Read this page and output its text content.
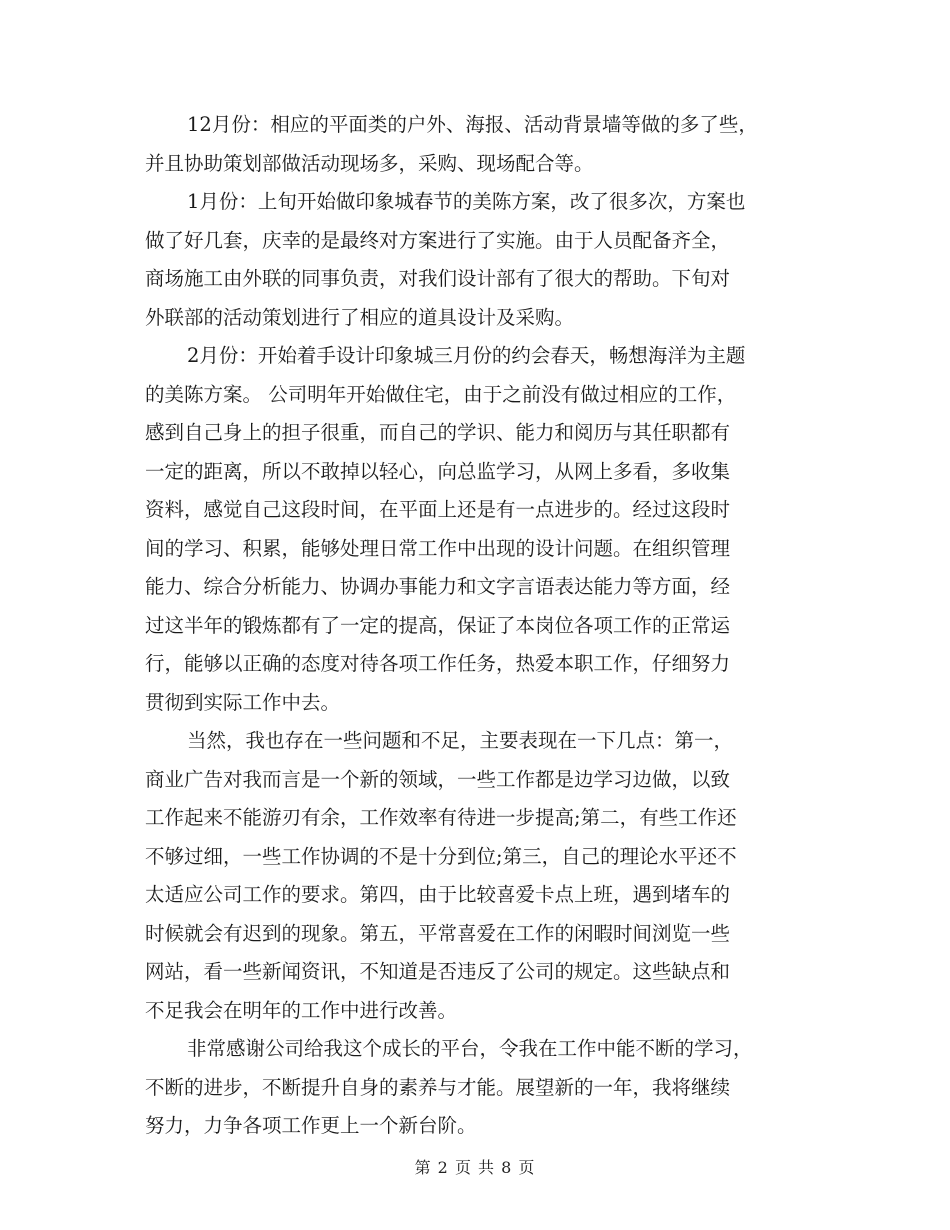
12月份：相应的平面类的户外、海报、活动背景墙等做的多了些，
并且协助策划部做活动现场多，采购、现场配合等。
1月份：上旬开始做印象城春节的美陈方案，改了很多次，方案也
做了好几套，庆幸的是最终对方案进行了实施。由于人员配备齐全，
商场施工由外联的同事负责，对我们设计部有了很大的帮助。下旬对
外联部的活动策划进行了相应的道具设计及采购。
2月份：开始着手设计印象城三月份的约会春天，畅想海洋为主题
的美陈方案。 公司明年开始做住宅，由于之前没有做过相应的工作，
感到自己身上的担子很重，而自己的学识、能力和阅历与其任职都有
一定的距离，所以不敢掉以轻心，向总监学习，从网上多看，多收集
资料，感觉自己这段时间，在平面上还是有一点进步的。经过这段时
间的学习、积累，能够处理日常工作中出现的设计问题。在组织管理
能力、综合分析能力、协调办事能力和文字言语表达能力等方面，经
过这半年的锻炼都有了一定的提高，保证了本岗位各项工作的正常运
行，能够以正确的态度对待各项工作任务，热爱本职工作，仔细努力
贯彻到实际工作中去。
当然，我也存在一些问题和不足，主要表现在一下几点：第一，
商业广告对我而言是一个新的领域，一些工作都是边学习边做，以致
工作起来不能游刃有余，工作效率有待进一步提高;第二，有些工作还
不够过细，一些工作协调的不是十分到位;第三，自己的理论水平还不
太适应公司工作的要求。第四，由于比较喜爱卡点上班，遇到堵车的
时候就会有迟到的现象。第五，平常喜爱在工作的闲暇时间浏览一些
网站，看一些新闻资讯，不知道是否违反了公司的规定。这些缺点和
不足我会在明年的工作中进行改善。
非常感谢公司给我这个成长的平台，令我在工作中能不断的学习，
不断的进步，不断提升自身的素养与才能。展望新的一年，我将继续
努力，力争各项工作更上一个新台阶。
第 2 页 共 8 页
